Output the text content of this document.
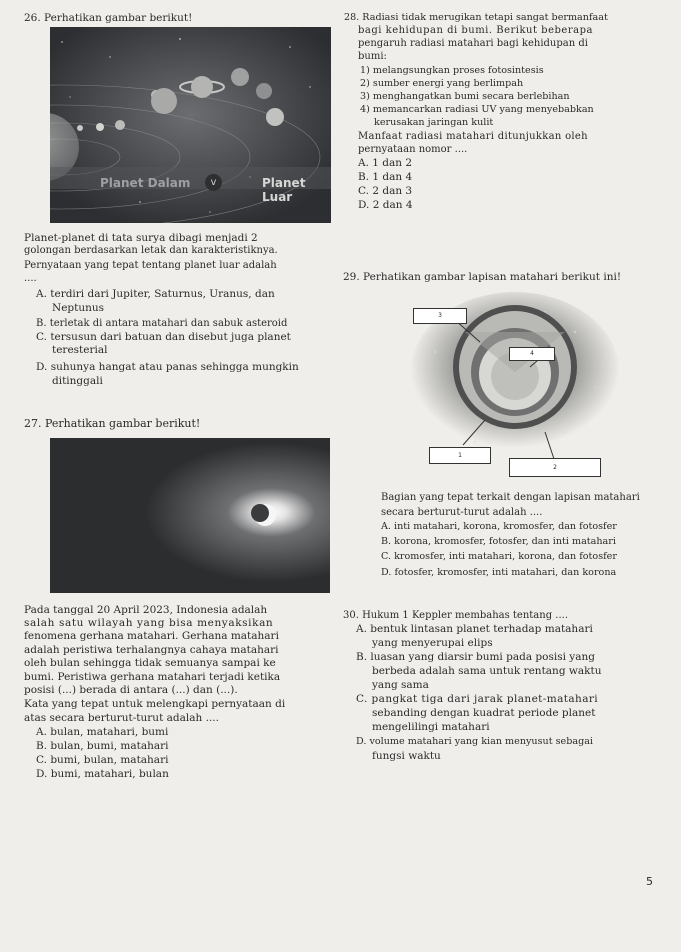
26. Perhatikan gambar berikut!
Planet Dalam	v	Planet Luar
Planet-planet di tata surya dibagi menjadi 2
golongan berdasarkan letak dan karakteristiknya.
Pernyataan yang tepat tentang planet luar adalah
....
A. terdiri dari Jupiter, Saturnus, Uranus, dan
Neptunus
B. terletak di antara matahari dan sabuk asteroid
C. tersusun dari batuan dan disebut juga planet
teresterial
D. suhunya hangat atau panas sehingga mungkin
ditinggali
27. Perhatikan gambar berikut!
Pada tanggal 20 April 2023, Indonesia adalah
salah satu wilayah yang bisa menyaksikan
fenomena gerhana matahari. Gerhana matahari
adalah peristiwa terhalangnya cahaya matahari
oleh bulan sehingga tidak semuanya sampai ke
bumi. Peristiwa gerhana matahari terjadi ketika
posisi (...) berada di antara (...) dan (...).
Kata yang tepat untuk melengkapi pernyataan di
atas secara berturut-turut adalah ....
A. bulan, matahari, bumi
B. bulan, bumi, matahari
C. bumi, bulan, matahari
D. bumi, matahari, bulan
28. Radiasi tidak merugikan tetapi sangat bermanfaat
bagi kehidupan di bumi. Berikut beberapa
pengaruh radiasi matahari bagi kehidupan di
bumi:
1) melangsungkan proses fotosintesis
2) sumber energi yang berlimpah
3) menghangatkan bumi secara berlebihan
4) memancarkan radiasi UV yang menyebabkan
kerusakan jaringan kulit
Manfaat radiasi matahari ditunjukkan oleh
pernyataan nomor ....
A. 1 dan 2
B. 1 dan 4
C. 2 dan 3
D. 2 dan 4
29. Perhatikan gambar lapisan matahari berikut ini!
3
4
1
2
Bagian yang tepat terkait dengan lapisan matahari
secara berturut-turut adalah ....
A. inti matahari, korona, kromosfer, dan fotosfer
B. korona, kromosfer, fotosfer, dan inti matahari
C. kromosfer, inti matahari, korona, dan fotosfer
D. fotosfer, kromosfer, inti matahari, dan korona
30. Hukum 1 Keppler membahas tentang ....
A. bentuk lintasan planet terhadap matahari
yang menyerupai elips
B. luasan yang diarsir bumi pada posisi yang
berbeda adalah sama untuk rentang waktu
yang sama
C. pangkat tiga dari jarak planet-matahari
sebanding dengan kuadrat periode planet
mengelilingi matahari
D. volume matahari yang kian menyusut sebagai
fungsi waktu
5
